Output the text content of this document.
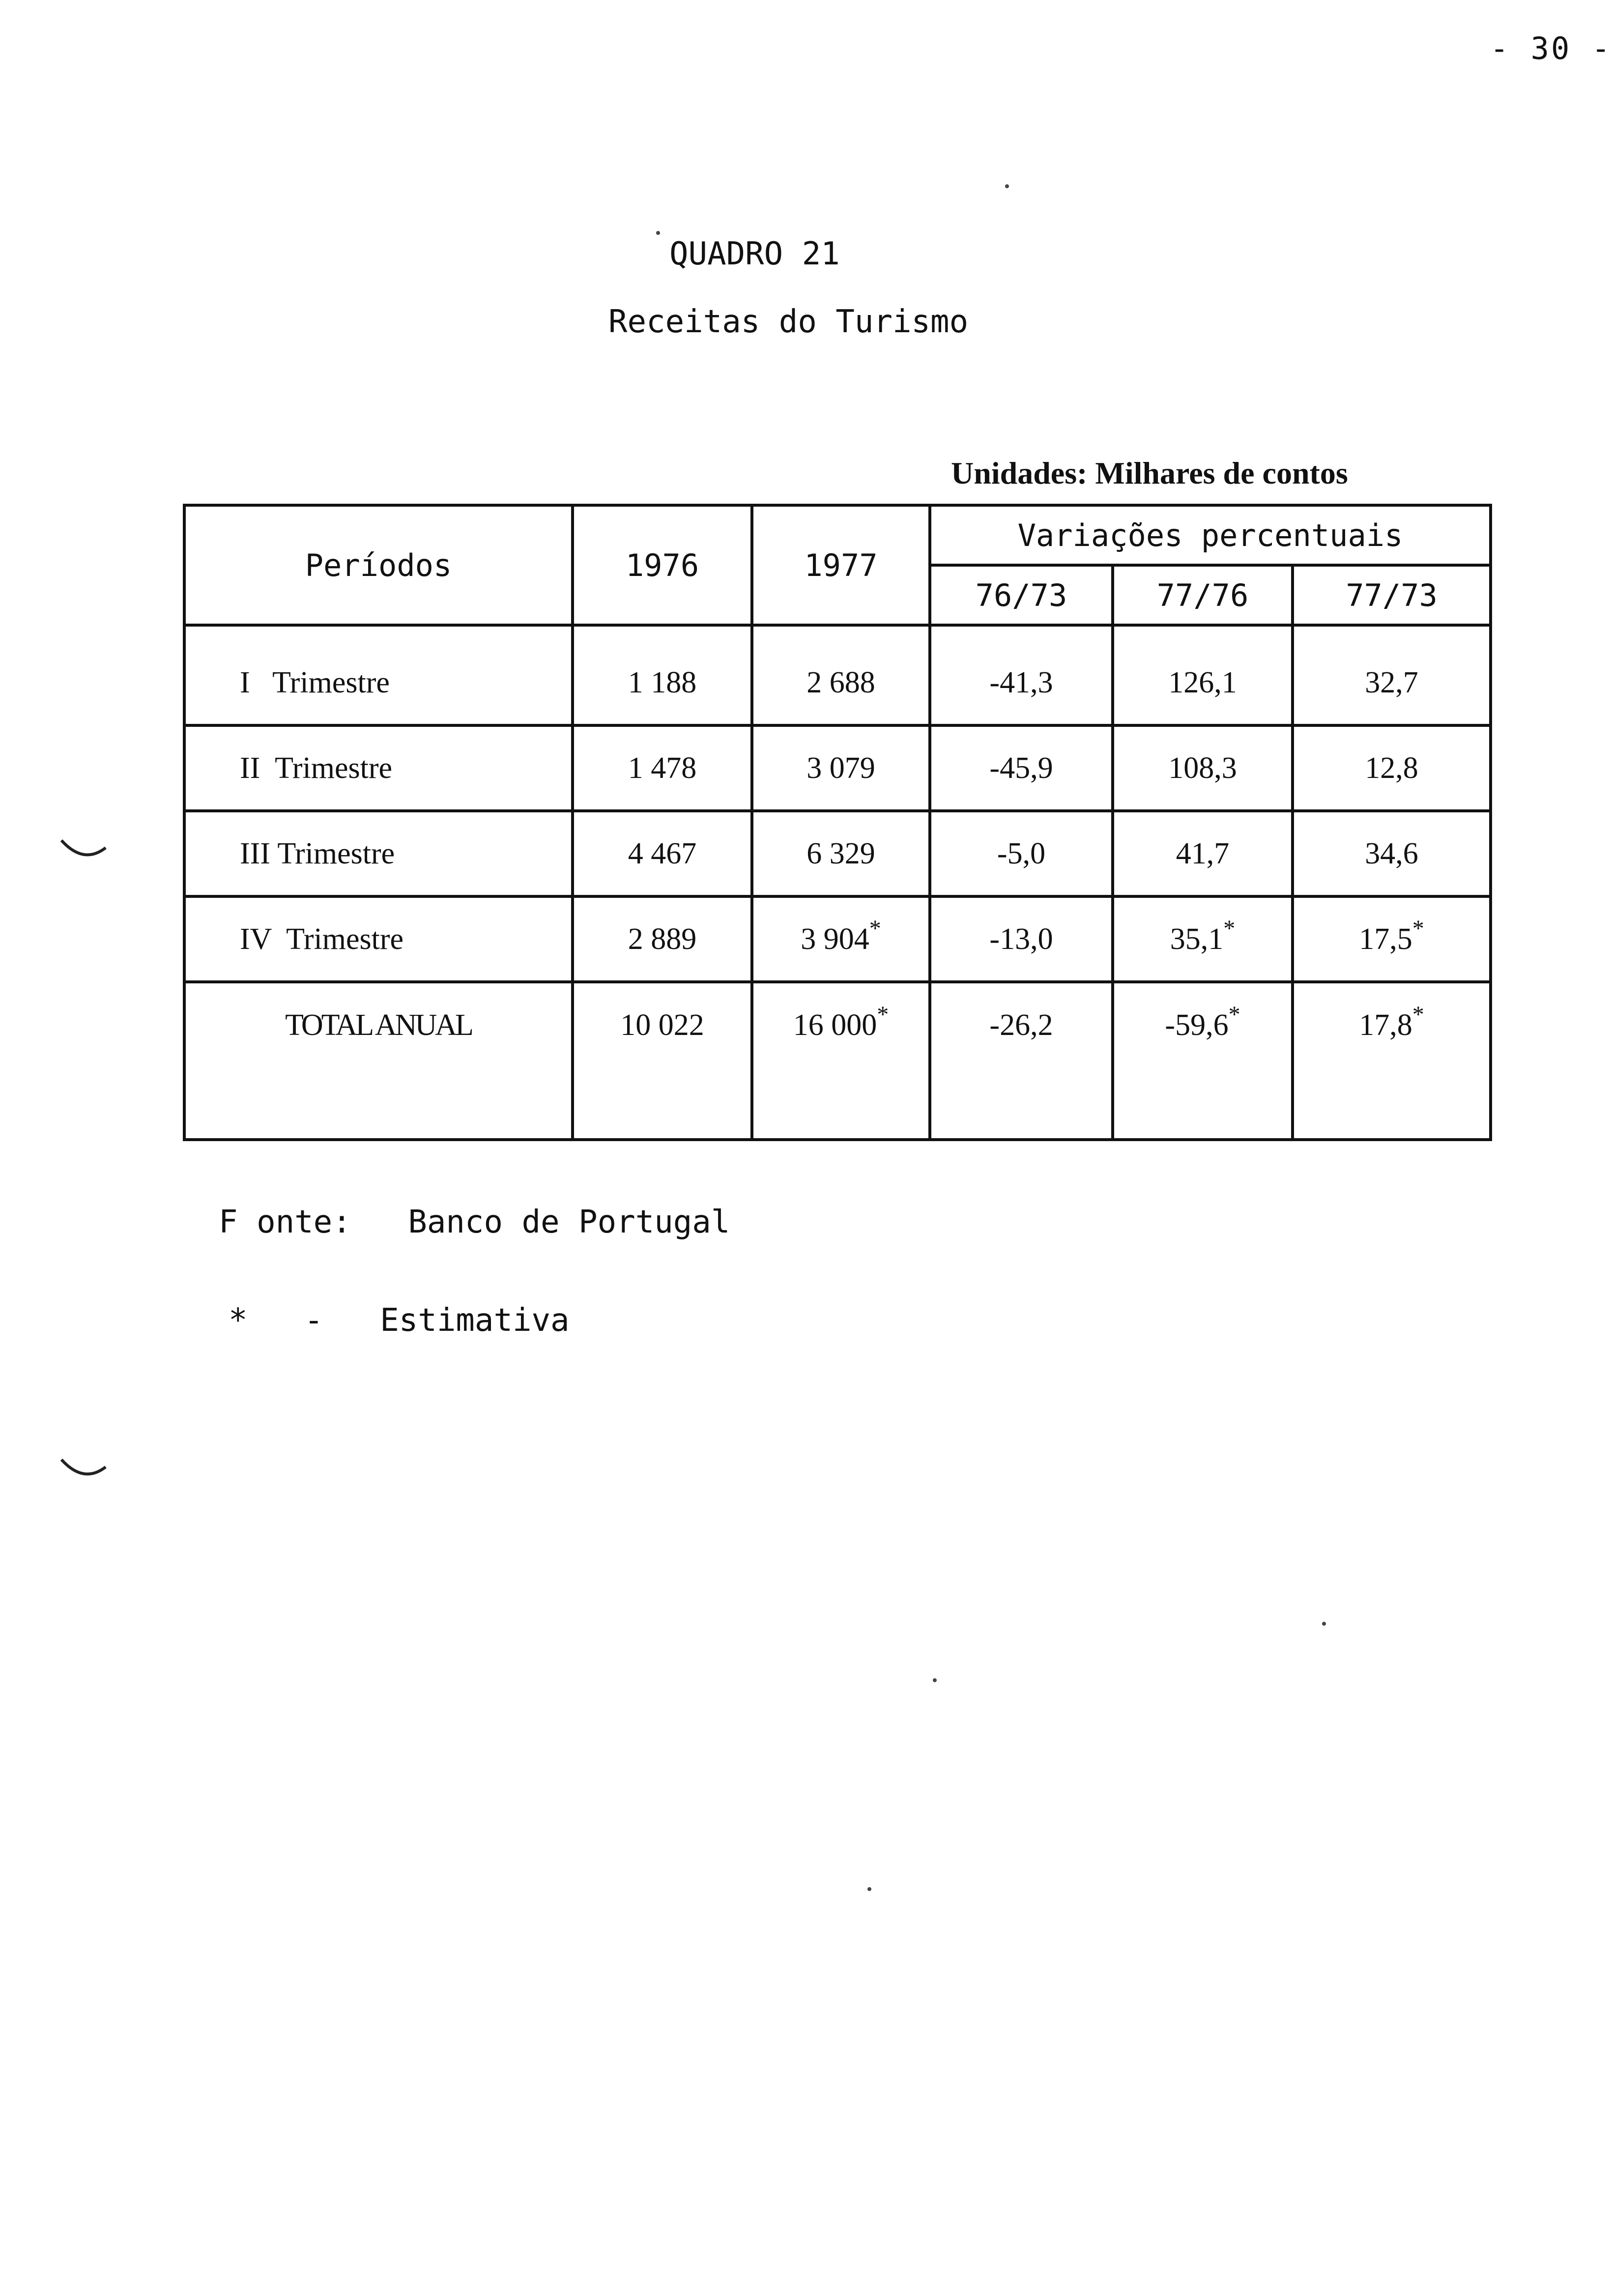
- 30 -
QUADRO 21
Receitas do Turismo
Unidades: Milhares de contos
Períodos	1976	1977	Variações percentuais		
			76/73	77/76	77/73
I   Trimestre	1 188	2 688	-41,3	126,1	32,7
II  Trimestre	1 478	3 079	-45,9	108,3	12,8
III Trimestre	4 467	6 329	-5,0	41,7	34,6
IV  Trimestre	2 889	3 904*	-13,0	35,1*	17,5*
TOTAL ANUAL	10 022	16 000*	-26,2	-59,6*	17,8*
F onte: Banco de Portugal
* - Estimativa
